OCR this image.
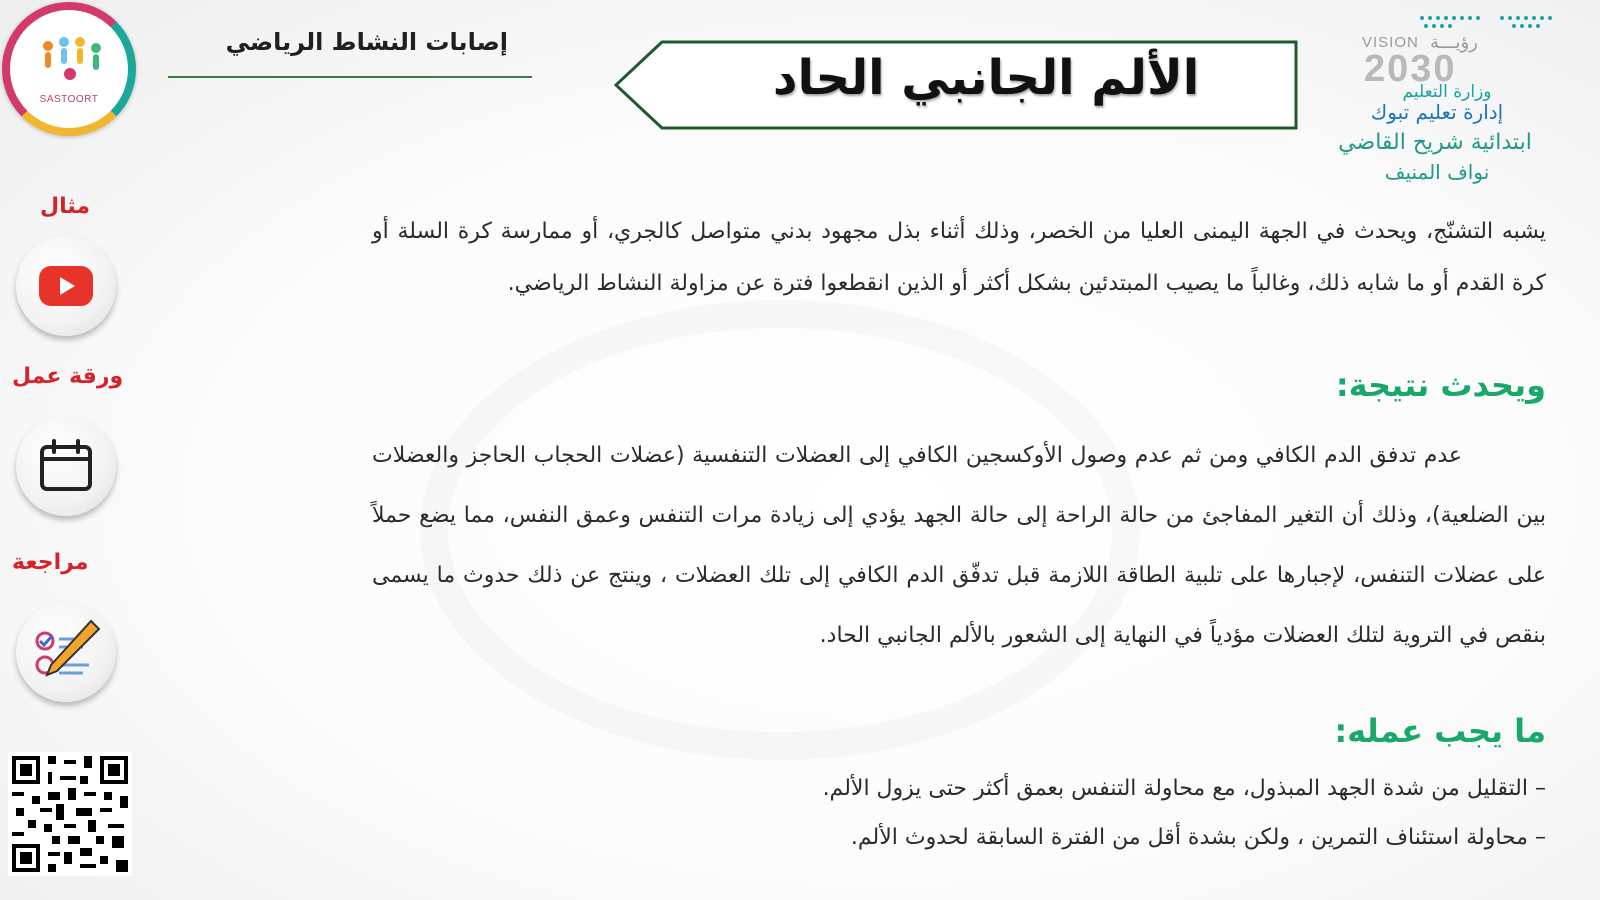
SASTOORT
مثال
ورقة عمل
مراجعة
إصابات النشاط الرياضي
الألم الجانبي الحاد
VISION رؤيـــة
2030
وزارة التعليم
إدارة تعليم تبوك
ابتدائية شريح القاضي
نواف المنيف
يشبه التشنّج، ويحدث في الجهة اليمنى العليا من الخصر، وذلك أثناء بذل مجهود بدني متواصل كالجري، أو ممارسة كرة السلة أو كرة القدم أو ما شابه ذلك، وغالباً ما يصيب المبتدئين بشكل أكثر أو الذين انقطعوا فترة عن مزاولة النشاط الرياضي.
ويحدث نتيجة:
عدم تدفق الدم الكافي ومن ثم عدم وصول الأوكسجين الكافي إلى العضلات التنفسية (عضلات الحجاب الحاجز والعضلات بين الضلعية)، وذلك أن التغير المفاجئ من حالة الراحة إلى حالة الجهد يؤدي إلى زيادة مرات التنفس وعمق النفس، مما يضع حملاً على عضلات التنفس، لإجبارها على تلبية الطاقة اللازمة قبل تدفّق الدم الكافي إلى تلك العضلات ، وينتج عن ذلك حدوث ما يسمى بنقص في التروية لتلك العضلات مؤدياً في النهاية إلى الشعور بالألم الجانبي الحاد.
ما يجب عمله:
– التقليل من شدة الجهد المبذول، مع محاولة التنفس بعمق أكثر حتى يزول الألم.
– محاولة استئناف التمرين ، ولكن بشدة أقل من الفترة السابقة لحدوث الألم.
